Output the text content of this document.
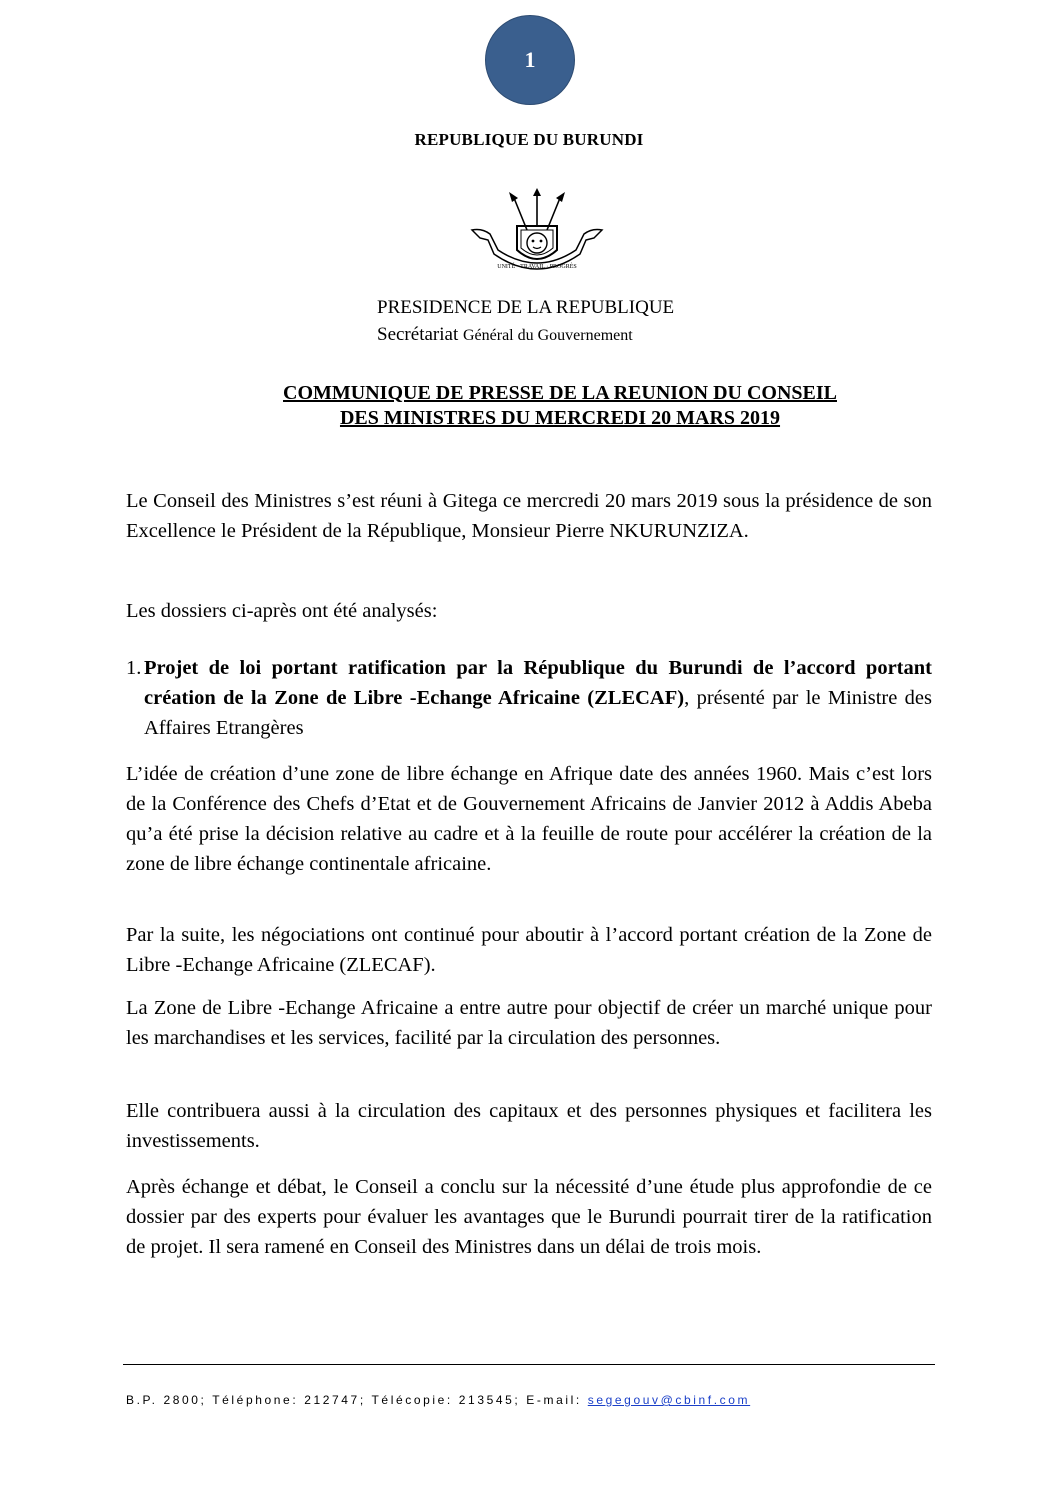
1
REPUBLIQUE DU BURUNDI
UNITÉ · TRAVAIL · PROGRÈS
PRESIDENCE DE LA REPUBLIQUE
Secrétariat Général du Gouvernement
COMMUNIQUE DE PRESSE DE LA REUNION DU CONSEIL
DES MINISTRES DU MERCREDI 20 MARS 2019
Le Conseil des Ministres s’est réuni à Gitega ce mercredi 20 mars 2019 sous la présidence de son Excellence le Président de la République, Monsieur Pierre NKURUNZIZA.
Les dossiers ci-après ont été analysés:
1. Projet de loi portant ratification par la République du Burundi de l’accord portant création de la Zone de Libre -Echange Africaine (ZLECAF), présenté par le Ministre des Affaires Etrangères
L’idée de création d’une zone de libre échange en Afrique date des années 1960. Mais c’est lors de la Conférence des Chefs d’Etat et de Gouvernement Africains de Janvier 2012 à Addis Abeba qu’a été prise la décision relative au cadre et à la feuille de route pour accélérer la création de la zone de libre échange continentale africaine.
Par la suite, les négociations ont continué pour aboutir à l’accord portant création de la Zone de Libre -Echange Africaine (ZLECAF).
La Zone de Libre -Echange Africaine a entre autre pour objectif de créer un marché unique pour les marchandises et les services, facilité par la circulation des personnes.
Elle contribuera aussi à la circulation des capitaux et des personnes physiques et facilitera les investissements.
Après échange et débat, le Conseil a conclu sur la nécessité d’une étude plus approfondie de ce dossier par des experts pour évaluer les avantages que le Burundi pourrait tirer de la ratification de projet. Il sera ramené en Conseil des Ministres dans un délai de trois mois.
B.P. 2800; Téléphone: 212747; Télécopie: 213545; E-mail: segegouv@cbinf.com
